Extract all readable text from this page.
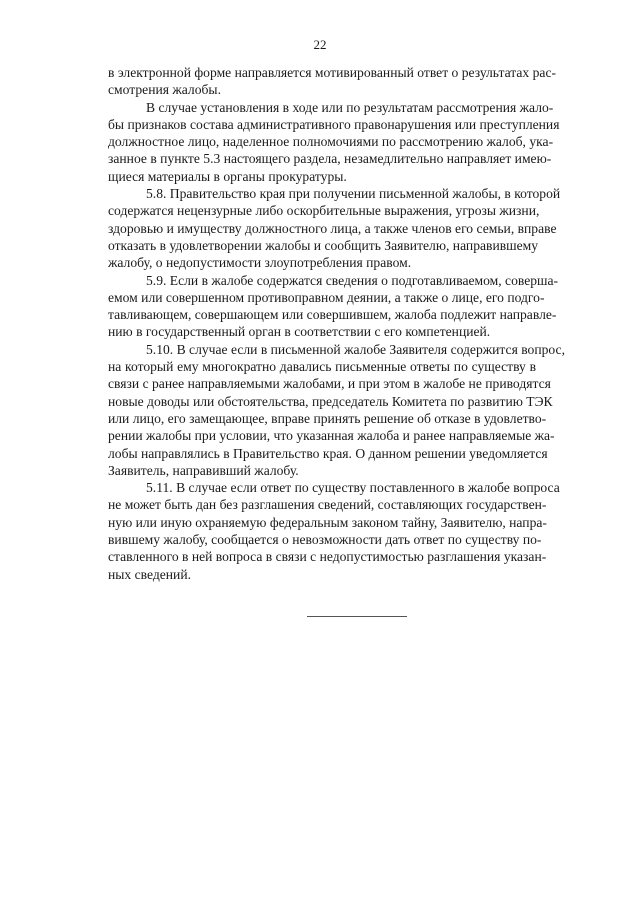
22
в электронной форме направляется мотивированный ответ о результатах рас-
смотрения жалобы.
В случае установления в ходе или по результатам рассмотрения жало-
бы признаков состава административного правонарушения или преступления
должностное лицо, наделенное полномочиями по рассмотрению жалоб, ука-
занное в пункте 5.3 настоящего раздела, незамедлительно направляет имею-
щиеся материалы в органы прокуратуры.
5.8. Правительство края при получении письменной жалобы, в которой
содержатся нецензурные либо оскорбительные выражения, угрозы жизни,
здоровью и имуществу должностного лица, а также членов его семьи, вправе
отказать в удовлетворении жалобы и сообщить Заявителю, направившему
жалобу, о недопустимости злоупотребления правом.
5.9. Если в жалобе содержатся сведения о подготавливаемом, соверша-
емом или совершенном противоправном деянии, а также о лице, его подго-
тавливающем, совершающем или совершившем, жалоба подлежит направле-
нию в государственный орган в соответствии с его компетенцией.
5.10. В случае если в письменной жалобе Заявителя содержится вопрос,
на который ему многократно давались письменные ответы по существу в
связи с ранее направляемыми жалобами, и при этом в жалобе не приводятся
новые доводы или обстоятельства, председатель Комитета по развитию ТЭК
или лицо, его замещающее, вправе принять решение об отказе в удовлетво-
рении жалобы при условии, что указанная жалоба и ранее направляемые жа-
лобы направлялись в Правительство края. О данном решении уведомляется
Заявитель, направивший жалобу.
5.11. В случае если ответ по существу поставленного в жалобе вопроса
не может быть дан без разглашения сведений, составляющих государствен-
ную или иную охраняемую федеральным законом тайну, Заявителю, напра-
вившему жалобу, сообщается о невозможности дать ответ по существу по-
ставленного в ней вопроса в связи с недопустимостью разглашения указан-
ных сведений.
